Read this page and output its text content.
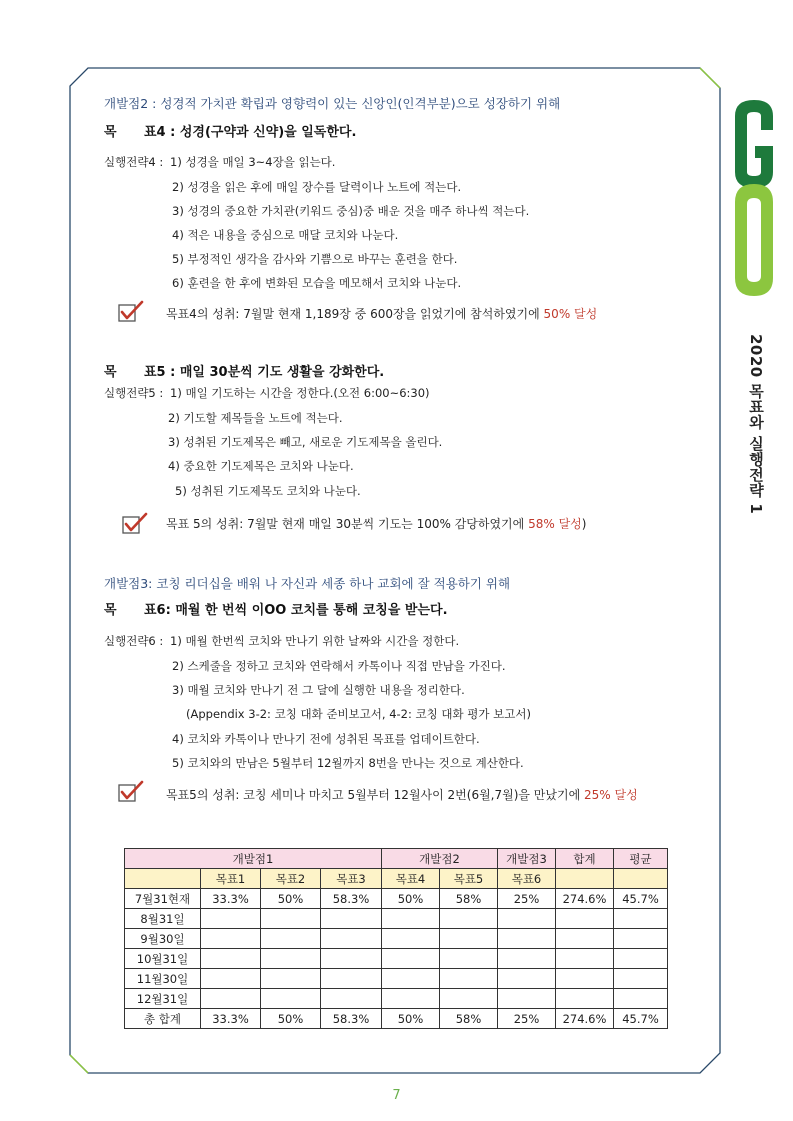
2020 목표와 실행전략 1
개발점2 : 성경적 가치관 확립과 영향력이 있는 신앙인(인격부분)으로 성장하기 위해
목 표4 : 성경(구약과 신약)을 일독한다.
실행전략4 : 1) 성경을 매일 3~4장을 읽는다.
2) 성경을 읽은 후에 매일 장수를 달력이나 노트에 적는다.
3) 성경의 중요한 가치관(키워드 중심)중 배운 것을 매주 하나씩 적는다.
4) 적은 내용을 중심으로 매달 코치와 나눈다.
5) 부정적인 생각을 감사와 기쁨으로 바꾸는 훈련을 한다.
6) 훈련을 한 후에 변화된 모습을 메모해서 코치와 나눈다.
목표4의 성취: 7월말 현재 1,189장 중 600장을 읽었기에 참석하였기에 50% 달성
목 표5 : 매일 30분씩 기도 생활을 강화한다.
실행전략5 : 1) 매일 기도하는 시간을 정한다.(오전 6:00~6:30)
2) 기도할 제목들을 노트에 적는다.
3) 성취된 기도제목은 빼고, 새로운 기도제목을 올린다.
4) 중요한 기도제목은 코치와 나눈다.
5) 성취된 기도제목도 코치와 나눈다.
목표 5의 성취: 7월말 현재 매일 30분씩 기도는 100% 감당하였기에 58% 달성)
개발점3: 코칭 리더십을 배워 나 자신과 세종 하나 교회에 잘 적용하기 위해
목 표6: 매월 한 번씩 이OO 코치를 통해 코칭을 받는다.
실행전략6 : 1) 매월 한번씩 코치와 만나기 위한 날짜와 시간을 정한다.
2) 스케줄을 정하고 코치와 연락해서 카톡이나 직접 만남을 가진다.
3) 매월 코치와 만나기 전 그 달에 실행한 내용을 정리한다.
(Appendix 3-2: 코칭 대화 준비보고서, 4-2: 코칭 대화 평가 보고서)
4) 코치와 카톡이나 만나기 전에 성취된 목표를 업데이트한다.
5) 코치와의 만남은 5월부터 12월까지 8번을 만나는 것으로 계산한다.
목표5의 성취: 코칭 세미나 마치고 5월부터 12월사이 2번(6월,7월)을 만났기에 25% 달성
개발점1				개발점2		개발점3	합계	평균
	목표1	목표2	목표3	목표4	목표5	목표6		
7월31현재	33.3%	50%	58.3%	50%	58%	25%	274.6%	45.7%
8월31일								
9월30일								
10월31일								
11월30일								
12월31일								
총 합계	33.3%	50%	58.3%	50%	58%	25%	274.6%	45.7%
7
